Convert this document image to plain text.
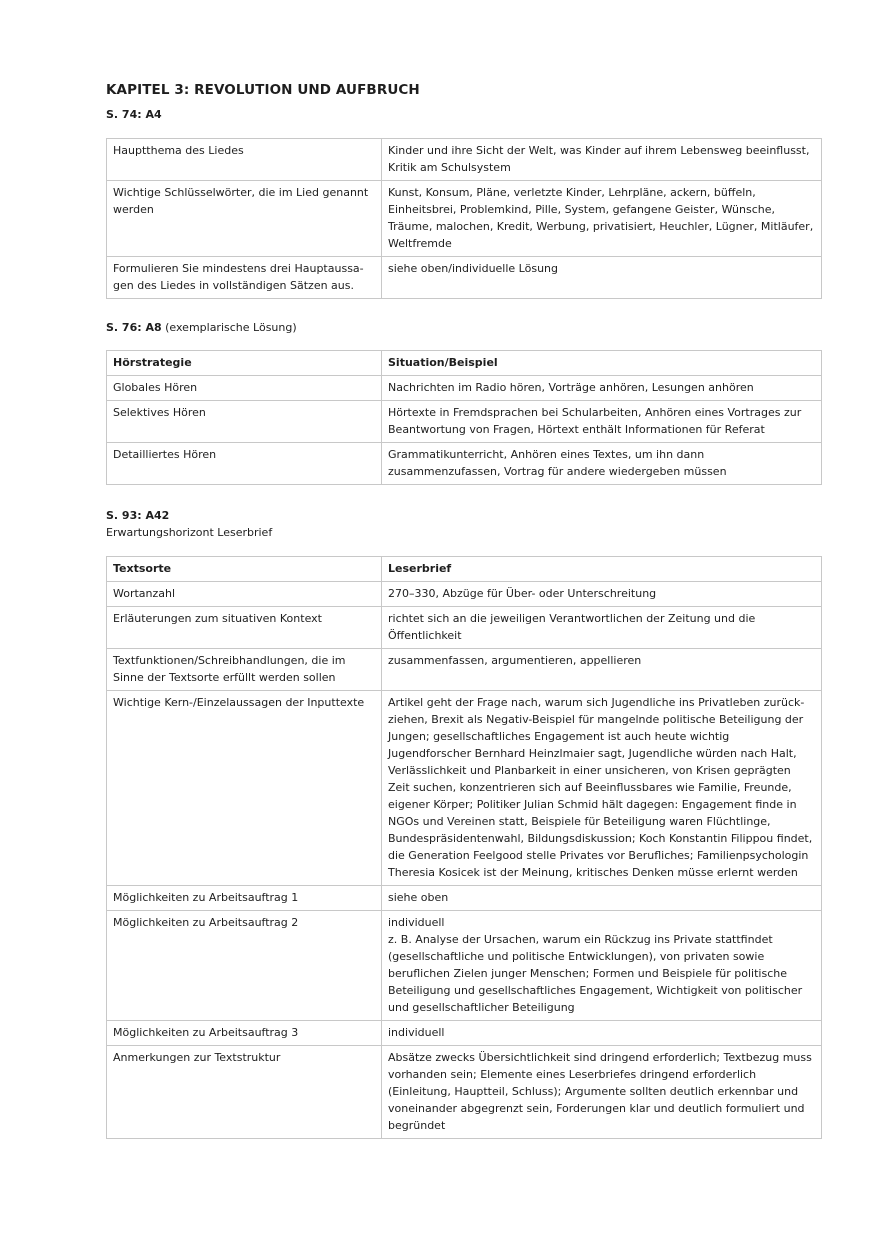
KAPITEL 3: REVOLUTION UND AUFBRUCH

S. 74: A4

Hauptthema des Liedes	Kinder und ihre Sicht der Welt, was Kinder auf ihrem Lebensweg beeinflusst, Kritik am Schulsystem
Wichtige Schlüsselwörter, die im Lied genannt werden	Kunst, Konsum, Pläne, verletzte Kinder, Lehrpläne, ackern, büffeln, Einheitsbrei, Problemkind, Pille, System, gefangene Geister, Wünsche, Träume, malochen, Kredit, Werbung, privatisiert, Heuchler, Lügner, Mitläufer, Weltfremde
Formulieren Sie mindestens drei Hauptaussagen des Liedes in vollständigen Sätzen aus.	siehe oben/individuelle Lösung

S. 76: A8 (exemplarische Lösung)

Hörstrategie	Situation/Beispiel
Globales Hören	Nachrichten im Radio hören, Vorträge anhören, Lesungen anhören
Selektives Hören	Hörtexte in Fremdsprachen bei Schularbeiten, Anhören eines Vortrages zur Beantwortung von Fragen, Hörtext enthält Informationen für Referat
Detailliertes Hören	Grammatikunterricht, Anhören eines Textes, um ihn dann zusammenzufassen, Vortrag für andere wiedergeben müssen

S. 93: A42

Erwartungshorizont Leserbrief

Textsorte	Leserbrief
Wortanzahl	270–330, Abzüge für Über- oder Unterschreitung
Erläuterungen zum situativen Kontext	richtet sich an die jeweiligen Verantwortlichen der Zeitung und die Öffentlichkeit
Textfunktionen/Schreibhandlungen, die im Sinne der Textsorte erfüllt werden sollen	zusammenfassen, argumentieren, appellieren
Wichtige Kern-/Einzelaussagen der Inputtexte	Artikel geht der Frage nach, warum sich Jugendliche ins Privatleben zurückziehen, Brexit als Negativ-Beispiel für mangelnde politische Beteiligung der Jungen; gesellschaftliches Engagement ist auch heute wichtig Jugendforscher Bernhard Heinzlmaier sagt, Jugendliche würden nach Halt, Verlässlichkeit und Planbarkeit in einer unsicheren, von Krisen geprägten Zeit suchen, konzentrieren sich auf Beeinflussbares wie Familie, Freunde, eigener Körper; Politiker Julian Schmid hält dagegen: Engagement finde in NGOs und Vereinen statt, Beispiele für Beteiligung waren Flüchtlinge, Bundespräsidentenwahl, Bildungsdiskussion; Koch Konstantin Filippou findet, die Generation Feelgood stelle Privates vor Berufliches; Familienpsychologin Theresia Kosicek ist der Meinung, kritisches Denken müsse erlernt werden
Möglichkeiten zu Arbeitsauftrag 1	siehe oben
Möglichkeiten zu Arbeitsauftrag 2	individuell
z. B. Analyse der Ursachen, warum ein Rückzug ins Private stattfindet (gesellschaftliche und politische Entwicklungen), von privaten sowie beruflichen Zielen junger Menschen; Formen und Beispiele für politische Beteiligung und gesellschaftliches Engagement, Wichtigkeit von politischer und gesellschaftlicher Beteiligung

Möglichkeiten zu Arbeitsauftrag 3	individuell
Anmerkungen zur Textstruktur	Absätze zwecks Übersichtlichkeit sind dringend erforderlich; Textbezug muss vorhanden sein; Elemente eines Leserbriefes dringend erforderlich (Einleitung, Hauptteil, Schluss); Argumente sollten deutlich erkennbar und voneinander abgegrenzt sein, Forderungen klar und deutlich formuliert und begründet
